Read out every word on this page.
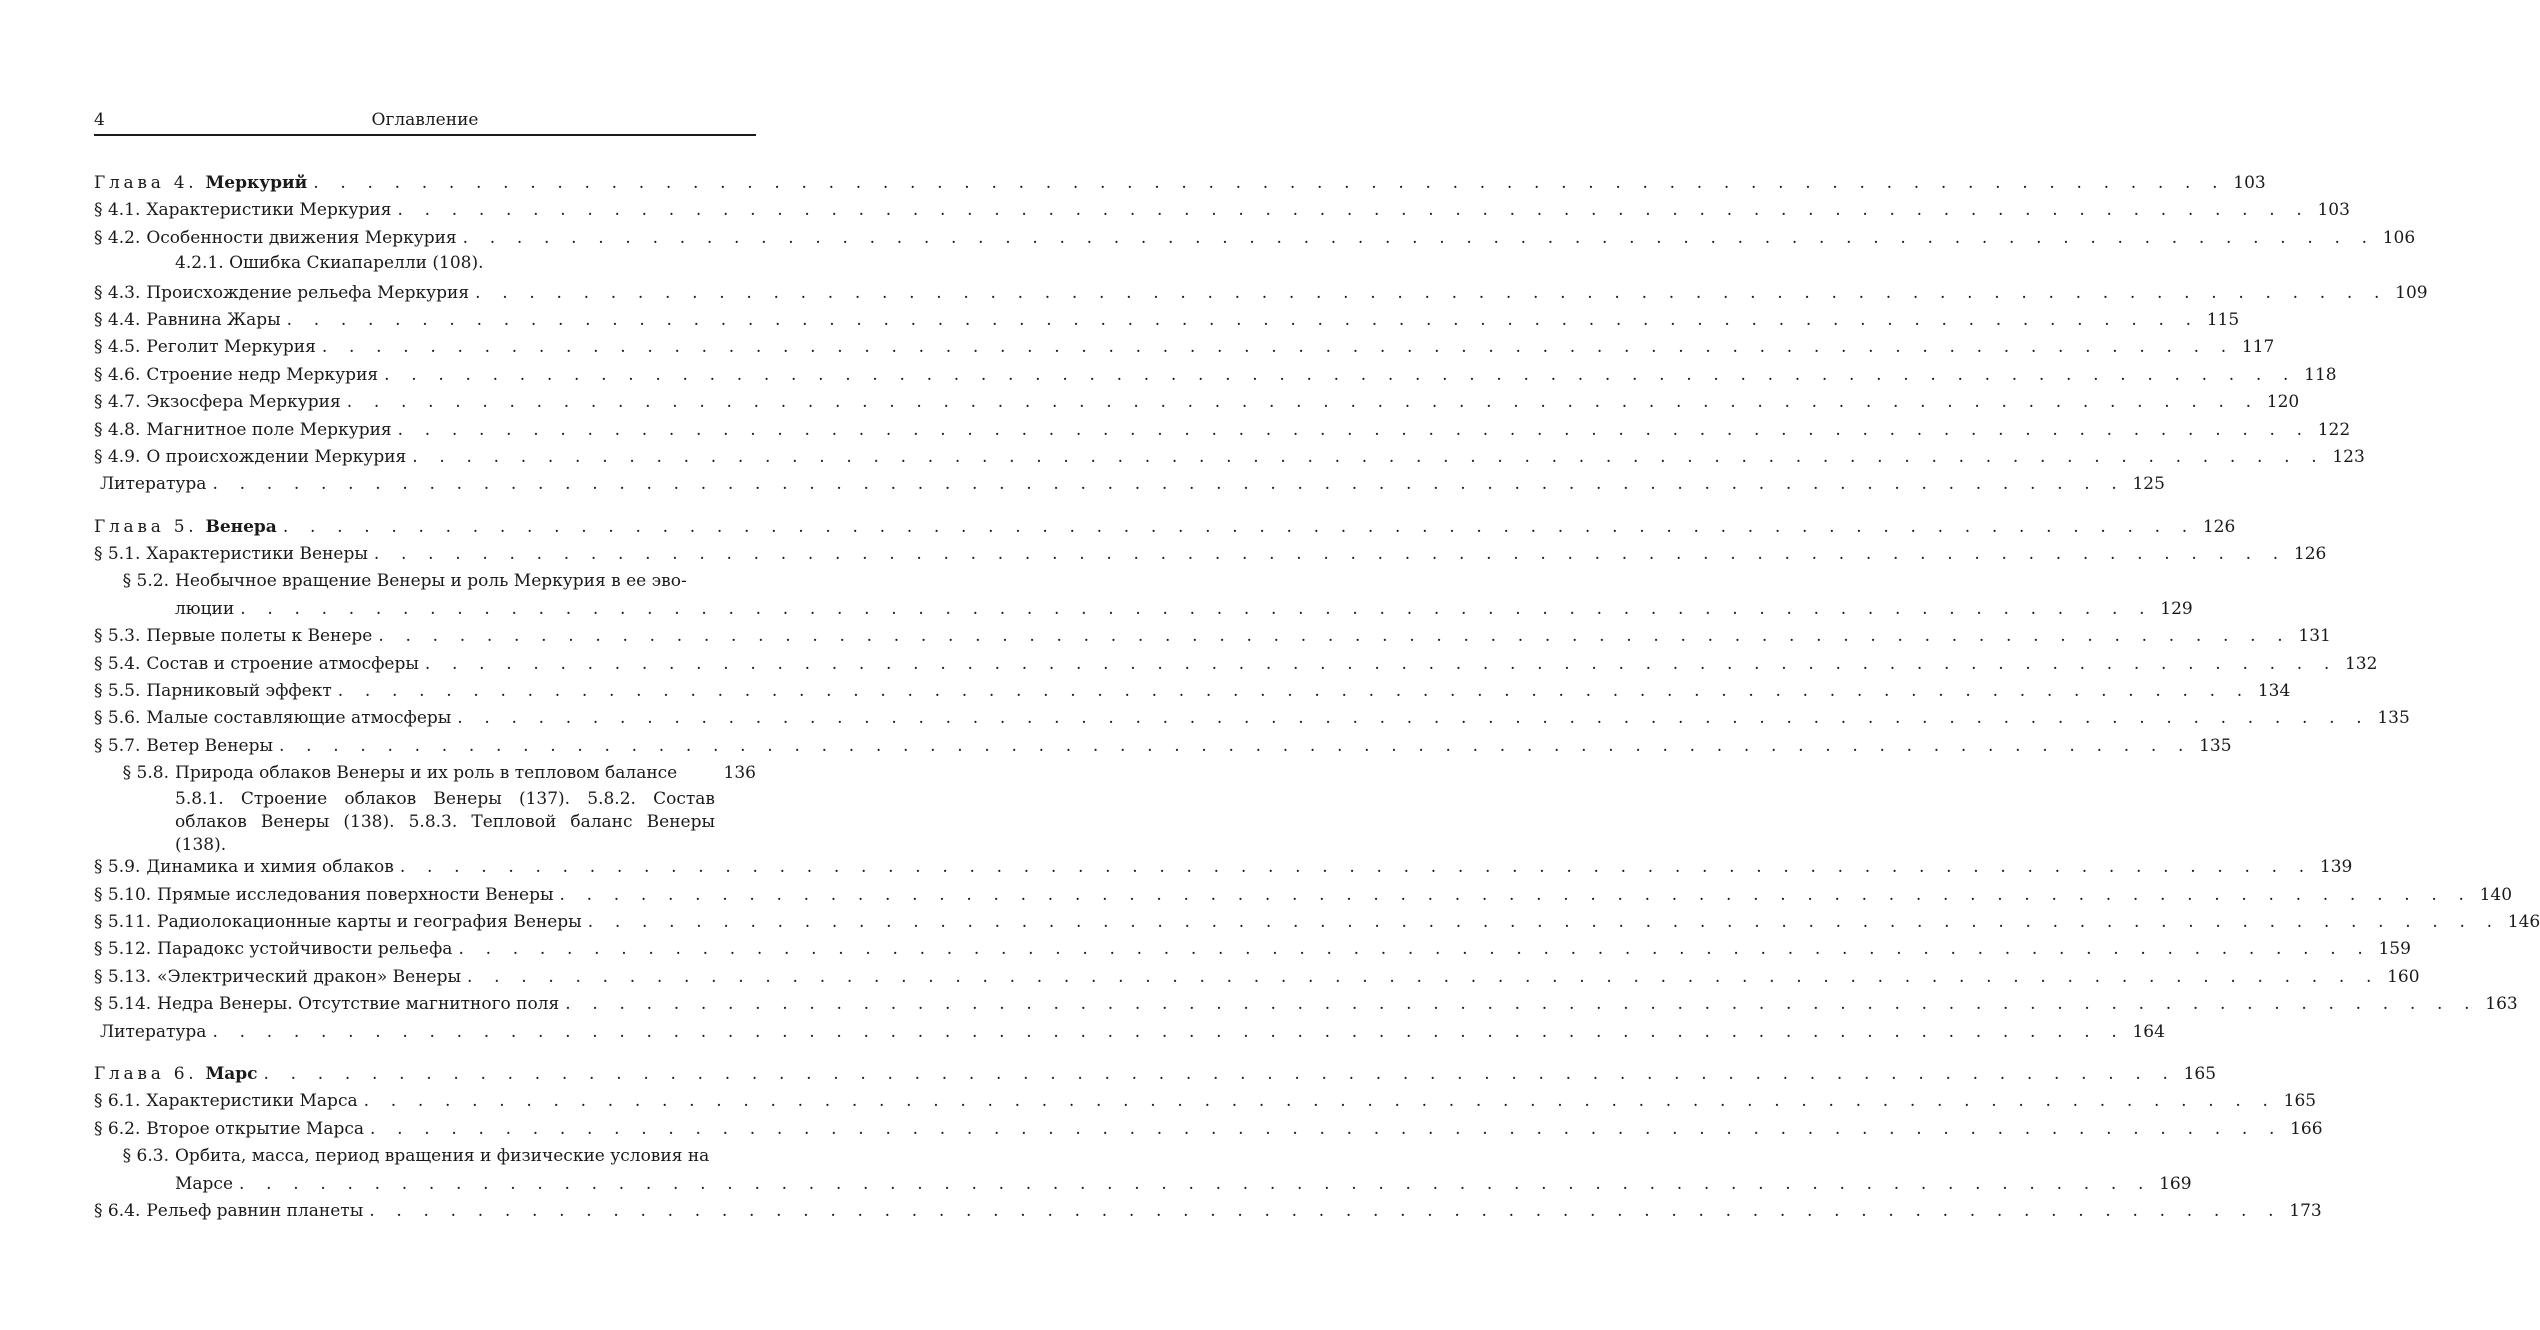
4	Оглавление
Глава 4. Меркурий . . . . . . . . . . . . . . . . . . . . . . . . . . . . . . . . . . . . . . . . . . . . . . . . . . . . . . . . . . . . . . . . . . . . . . . 103
§ 4.1. Характеристики Меркурия . . . . . . . . . . . . . . . . . . . . . . . . . . . . . . . . . . . . . . . . . . . . . . . . . . . . . . . . . . . . . . . . . . . . . . . 103
§ 4.2. Особенности движения Меркурия . . . . . . . . . . . . . . . . . . . . . . . . . . . . . . . . . . . . . . . . . . . . . . . . . . . . . . . . . . . . . . . . . . . . . . . 106
4.2.1. Ошибка Скиапарелли (108).
§ 4.3. Происхождение рельефа Меркурия . . . . . . . . . . . . . . . . . . . . . . . . . . . . . . . . . . . . . . . . . . . . . . . . . . . . . . . . . . . . . . . . . . . . . . . 109
§ 4.4. Равнина Жары . . . . . . . . . . . . . . . . . . . . . . . . . . . . . . . . . . . . . . . . . . . . . . . . . . . . . . . . . . . . . . . . . . . . . . . 115
§ 4.5. Реголит Меркурия . . . . . . . . . . . . . . . . . . . . . . . . . . . . . . . . . . . . . . . . . . . . . . . . . . . . . . . . . . . . . . . . . . . . . . . 117
§ 4.6. Строение недр Меркурия . . . . . . . . . . . . . . . . . . . . . . . . . . . . . . . . . . . . . . . . . . . . . . . . . . . . . . . . . . . . . . . . . . . . . . . 118
§ 4.7. Экзосфера Меркурия . . . . . . . . . . . . . . . . . . . . . . . . . . . . . . . . . . . . . . . . . . . . . . . . . . . . . . . . . . . . . . . . . . . . . . . 120
§ 4.8. Магнитное поле Меркурия . . . . . . . . . . . . . . . . . . . . . . . . . . . . . . . . . . . . . . . . . . . . . . . . . . . . . . . . . . . . . . . . . . . . . . . 122
§ 4.9. О происхождении Меркурия . . . . . . . . . . . . . . . . . . . . . . . . . . . . . . . . . . . . . . . . . . . . . . . . . . . . . . . . . . . . . . . . . . . . . . . 123
Литература . . . . . . . . . . . . . . . . . . . . . . . . . . . . . . . . . . . . . . . . . . . . . . . . . . . . . . . . . . . . . . . . . . . . . . . 125
Глава 5. Венера . . . . . . . . . . . . . . . . . . . . . . . . . . . . . . . . . . . . . . . . . . . . . . . . . . . . . . . . . . . . . . . . . . . . . . . 126
§ 5.1. Характеристики Венеры . . . . . . . . . . . . . . . . . . . . . . . . . . . . . . . . . . . . . . . . . . . . . . . . . . . . . . . . . . . . . . . . . . . . . . . 126
§ 5.2. Необычное вращение Венеры и роль Меркурия в ее эво-
люции . . . . . . . . . . . . . . . . . . . . . . . . . . . . . . . . . . . . . . . . . . . . . . . . . . . . . . . . . . . . . . . . . . . . . . . 129
§ 5.3. Первые полеты к Венере . . . . . . . . . . . . . . . . . . . . . . . . . . . . . . . . . . . . . . . . . . . . . . . . . . . . . . . . . . . . . . . . . . . . . . . 131
§ 5.4. Состав и строение атмосферы . . . . . . . . . . . . . . . . . . . . . . . . . . . . . . . . . . . . . . . . . . . . . . . . . . . . . . . . . . . . . . . . . . . . . . . 132
§ 5.5. Парниковый эффект . . . . . . . . . . . . . . . . . . . . . . . . . . . . . . . . . . . . . . . . . . . . . . . . . . . . . . . . . . . . . . . . . . . . . . . 134
§ 5.6. Малые составляющие атмосферы . . . . . . . . . . . . . . . . . . . . . . . . . . . . . . . . . . . . . . . . . . . . . . . . . . . . . . . . . . . . . . . . . . . . . . . 135
§ 5.7. Ветер Венеры . . . . . . . . . . . . . . . . . . . . . . . . . . . . . . . . . . . . . . . . . . . . . . . . . . . . . . . . . . . . . . . . . . . . . . . 135
§ 5.8. Природа облаков Венеры и их роль в тепловом балансе	136
5.8.1. Строение облаков Венеры (137). 5.8.2. Состав облаков Венеры (138). 5.8.3. Тепловой баланс Венеры (138).
§ 5.9. Динамика и химия облаков . . . . . . . . . . . . . . . . . . . . . . . . . . . . . . . . . . . . . . . . . . . . . . . . . . . . . . . . . . . . . . . . . . . . . . . 139
§ 5.10. Прямые исследования поверхности Венеры . . . . . . . . . . . . . . . . . . . . . . . . . . . . . . . . . . . . . . . . . . . . . . . . . . . . . . . . . . . . . . . . . . . . . . . 140
§ 5.11. Радиолокационные карты и география Венеры . . . . . . . . . . . . . . . . . . . . . . . . . . . . . . . . . . . . . . . . . . . . . . . . . . . . . . . . . . . . . . . . . . . . . . . 146
§ 5.12. Парадокс устойчивости рельефа . . . . . . . . . . . . . . . . . . . . . . . . . . . . . . . . . . . . . . . . . . . . . . . . . . . . . . . . . . . . . . . . . . . . . . . 159
§ 5.13. «Электрический дракон» Венеры . . . . . . . . . . . . . . . . . . . . . . . . . . . . . . . . . . . . . . . . . . . . . . . . . . . . . . . . . . . . . . . . . . . . . . . 160
§ 5.14. Недра Венеры. Отсутствие магнитного поля . . . . . . . . . . . . . . . . . . . . . . . . . . . . . . . . . . . . . . . . . . . . . . . . . . . . . . . . . . . . . . . . . . . . . . . 163
Литература . . . . . . . . . . . . . . . . . . . . . . . . . . . . . . . . . . . . . . . . . . . . . . . . . . . . . . . . . . . . . . . . . . . . . . . 164
Глава 6. Марс . . . . . . . . . . . . . . . . . . . . . . . . . . . . . . . . . . . . . . . . . . . . . . . . . . . . . . . . . . . . . . . . . . . . . . . 165
§ 6.1. Характеристики Марса . . . . . . . . . . . . . . . . . . . . . . . . . . . . . . . . . . . . . . . . . . . . . . . . . . . . . . . . . . . . . . . . . . . . . . . 165
§ 6.2. Второе открытие Марса . . . . . . . . . . . . . . . . . . . . . . . . . . . . . . . . . . . . . . . . . . . . . . . . . . . . . . . . . . . . . . . . . . . . . . . 166
§ 6.3. Орбита, масса, период вращения и физические условия на
Марсе . . . . . . . . . . . . . . . . . . . . . . . . . . . . . . . . . . . . . . . . . . . . . . . . . . . . . . . . . . . . . . . . . . . . . . . 169
§ 6.4. Рельеф равнин планеты . . . . . . . . . . . . . . . . . . . . . . . . . . . . . . . . . . . . . . . . . . . . . . . . . . . . . . . . . . . . . . . . . . . . . . . 173
